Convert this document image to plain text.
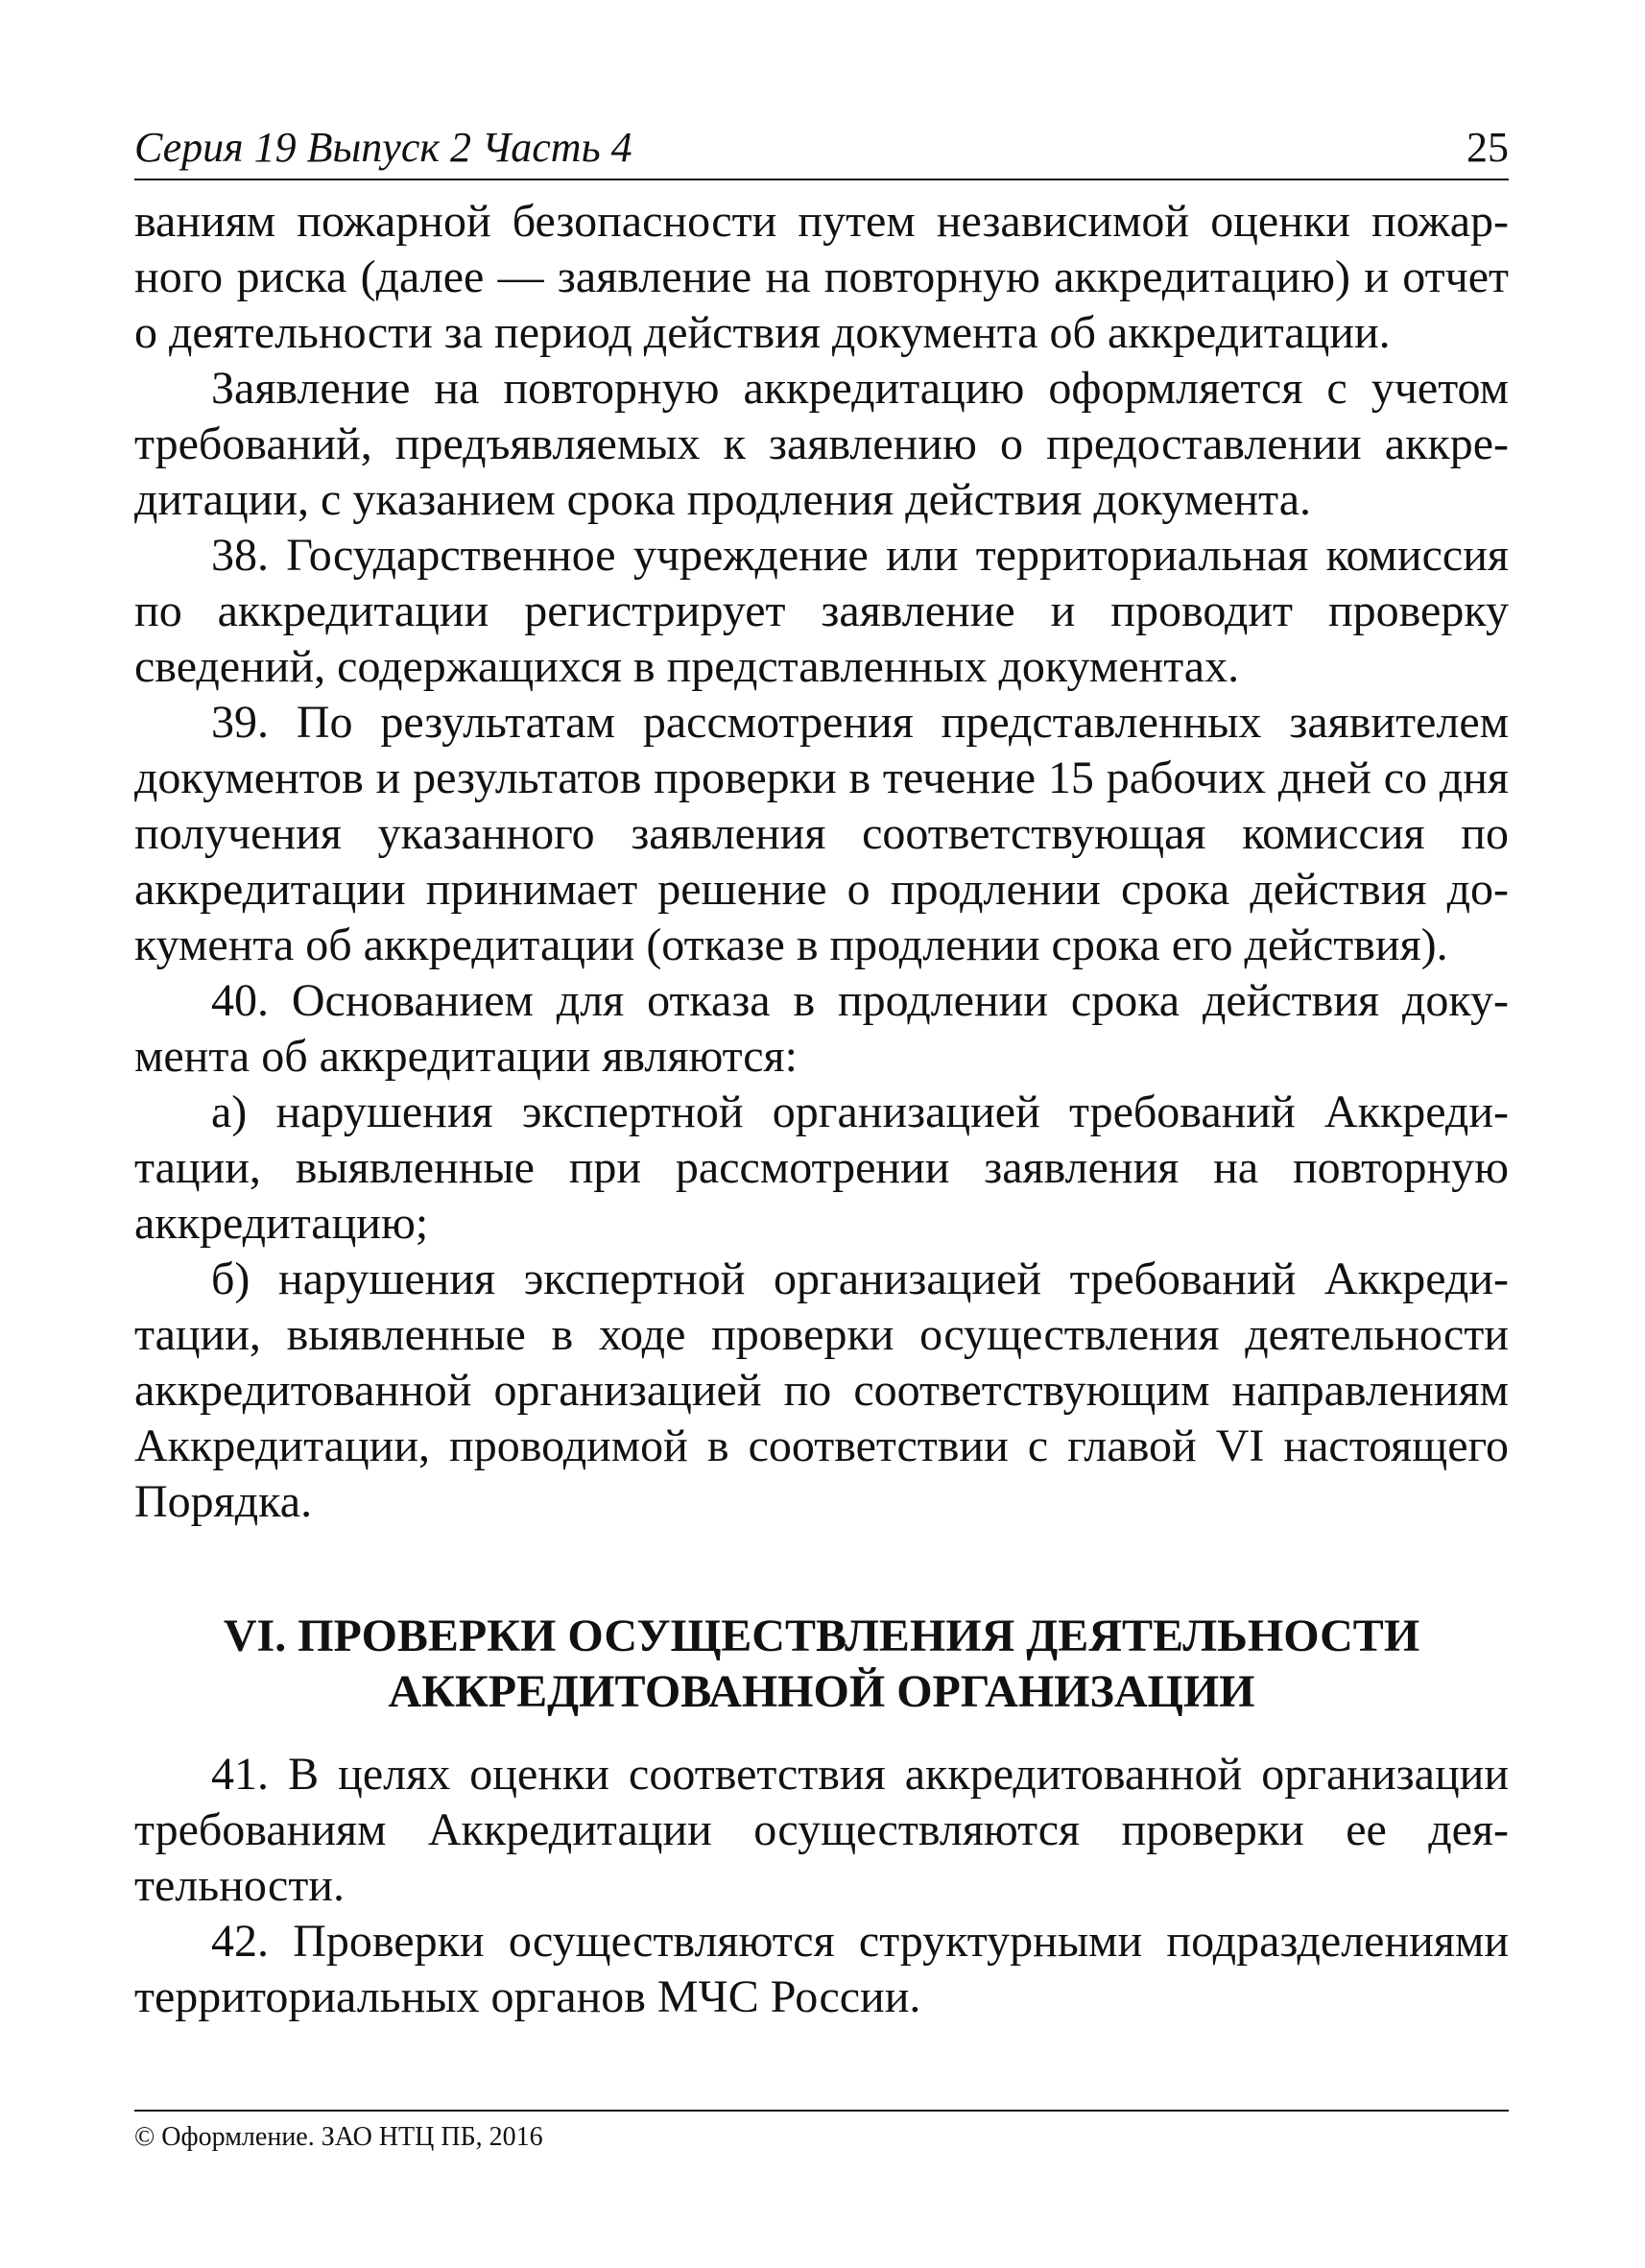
Серия 19 Выпуск 2 Часть 4	25

ваниям пожарной безопасности путем независимой оценки пожарного риска (далее — заявление на повторную аккредитацию) и отчет о деятельности за период действия документа об аккредитации.

Заявление на повторную аккредитацию оформляется с учетом требований, предъявляемых к заявлению о предоставлении аккредитации, с указанием срока продления действия документа.

38. Государственное учреждение или территориальная комиссия по аккредитации регистрирует заявление и проводит проверку сведений, содержащихся в представленных документах.

39. По результатам рассмотрения представленных заявителем документов и результатов проверки в течение 15 рабочих дней со дня получения указанного заявления соответствующая комиссия по аккредитации принимает решение о продлении срока действия документа об аккредитации (отказе в продлении срока его действия).

40. Основанием для отказа в продлении срока действия документа об аккредитации являются:

а) нарушения экспертной организацией требований Аккредитации, выявленные при рассмотрении заявления на повторную аккредитацию;

б) нарушения экспертной организацией требований Аккредитации, выявленные в ходе проверки осуществления деятельности аккредитованной организацией по соответствующим направлениям Аккредитации, проводимой в соответствии с главой VI настоящего Порядка.

VI. ПРОВЕРКИ ОСУЩЕСТВЛЕНИЯ ДЕЯТЕЛЬНОСТИ
АККРЕДИТОВАННОЙ ОРГАНИЗАЦИИ

41. В целях оценки соответствия аккредитованной организации требованиям Аккредитации осуществляются проверки ее деятельности.

42. Проверки осуществляются структурными подразделениями территориальных органов МЧС России.

© Оформление. ЗАО НТЦ ПБ, 2016
